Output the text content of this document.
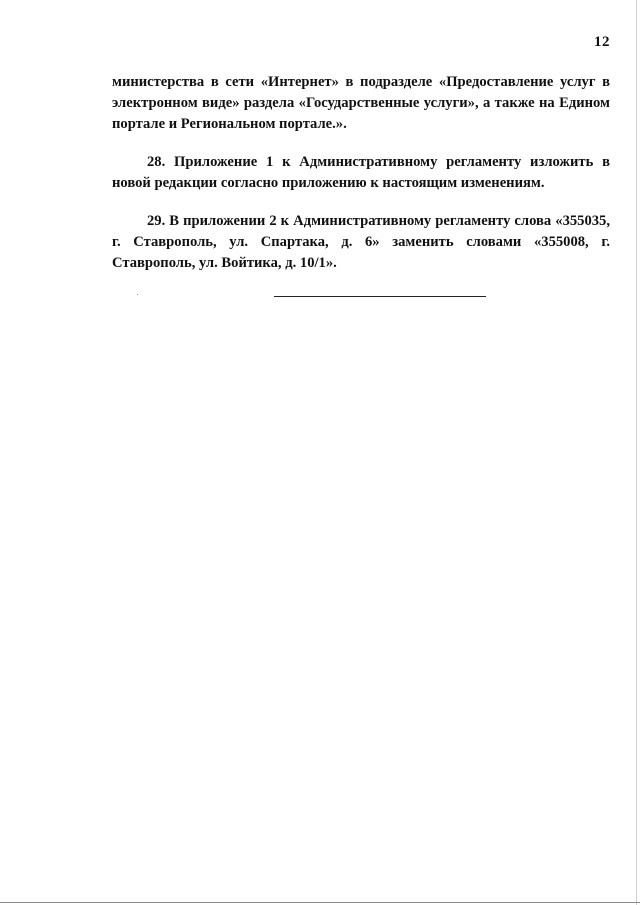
12

министерства в сети «Интернет» в подразделе «Предоставление услуг в электронном виде» раздела «Государственные услуги», а также на Едином портале и Региональном портале.».

28. Приложение 1 к Административному регламенту изложить в новой редакции согласно приложению к настоящим изменениям.

29. В приложении 2 к Административному регламенту слова «355035, г. Ставрополь, ул. Спартака, д. 6» заменить словами «355008, г. Ставрополь, ул. Войтика, д. 10/1».
